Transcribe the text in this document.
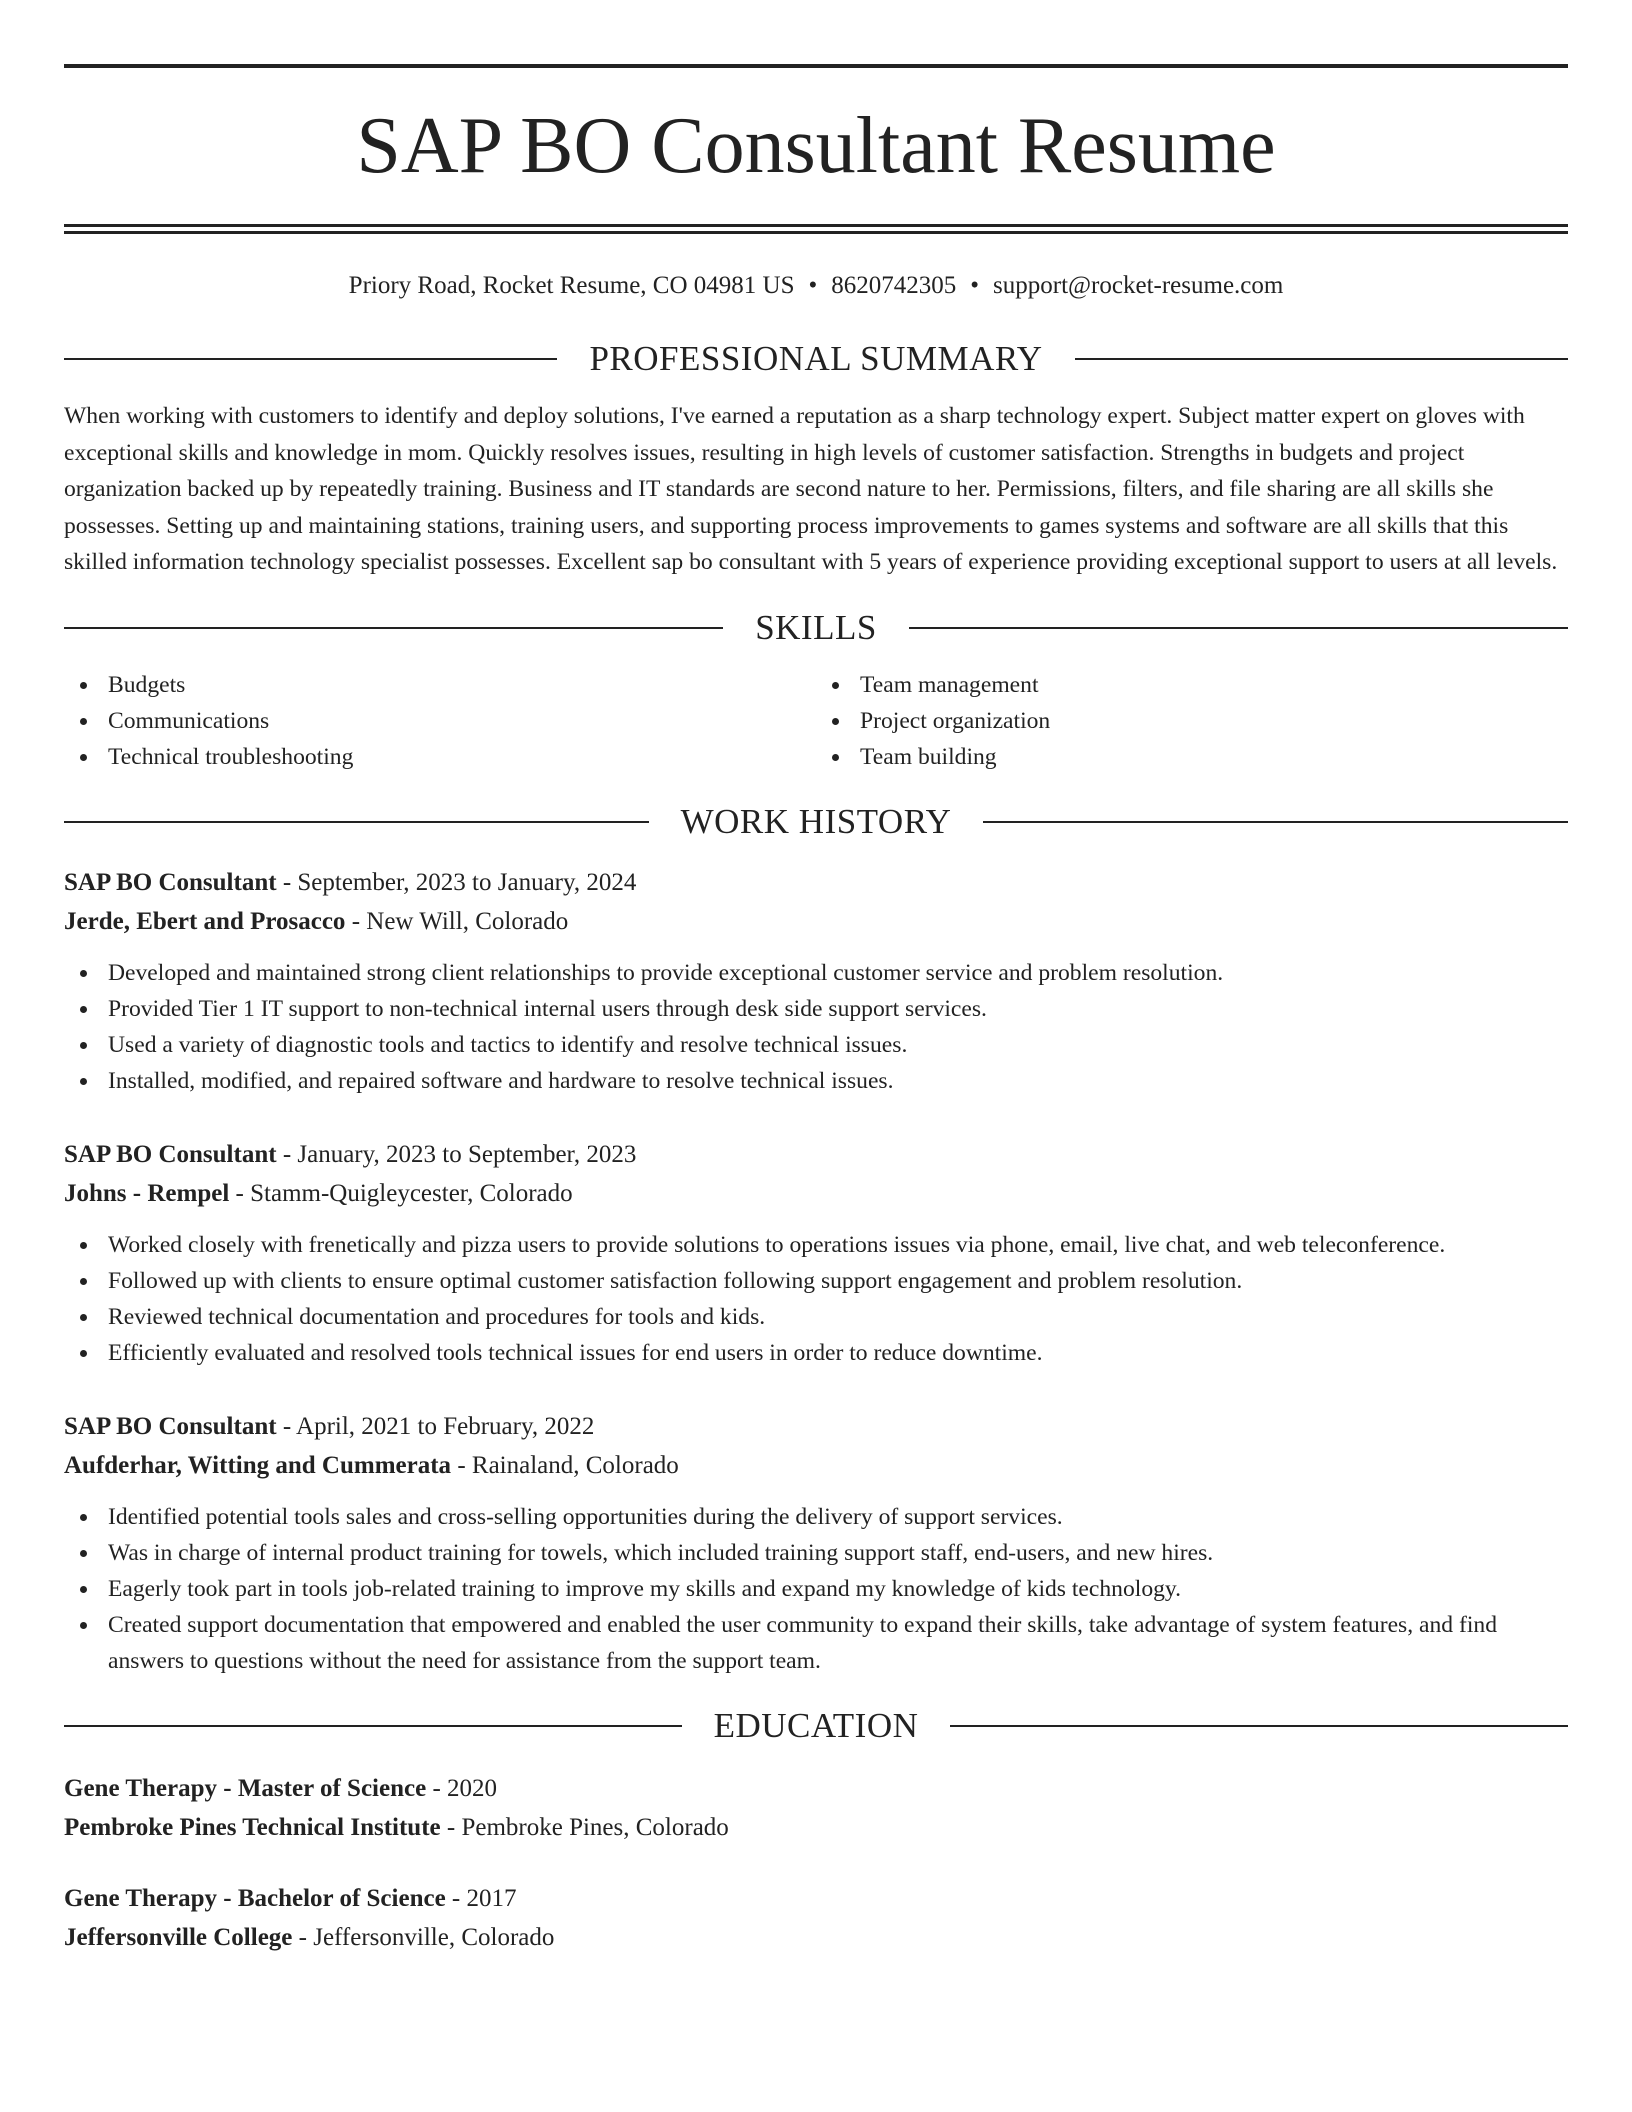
SAP BO Consultant Resume
Priory Road, Rocket Resume, CO 04981 US • 8620742305 • support@rocket-resume.com
PROFESSIONAL SUMMARY

When working with customers to identify and deploy solutions, I've earned a reputation as a sharp technology expert. Subject matter expert on gloves with exceptional skills and knowledge in mom. Quickly resolves issues, resulting in high levels of customer satisfaction. Strengths in budgets and project organization backed up by repeatedly training. Business and IT standards are second nature to her. Permissions, filters, and file sharing are all skills she possesses. Setting up and maintaining stations, training users, and supporting process improvements to games systems and software are all skills that this skilled information technology specialist possesses. Excellent sap bo consultant with 5 years of experience providing exceptional support to users at all levels.

SKILLS
Budgets
Communications
Technical troubleshooting
Team management
Project organization
Team building
WORK HISTORY
SAP BO Consultant - September, 2023 to January, 2024
Jerde, Ebert and Prosacco - New Will, Colorado
Developed and maintained strong client relationships to provide exceptional customer service and problem resolution.
Provided Tier 1 IT support to non-technical internal users through desk side support services.
Used a variety of diagnostic tools and tactics to identify and resolve technical issues.
Installed, modified, and repaired software and hardware to resolve technical issues.
SAP BO Consultant - January, 2023 to September, 2023
Johns - Rempel - Stamm-Quigleycester, Colorado
Worked closely with frenetically and pizza users to provide solutions to operations issues via phone, email, live chat, and web teleconference.
Followed up with clients to ensure optimal customer satisfaction following support engagement and problem resolution.
Reviewed technical documentation and procedures for tools and kids.
Efficiently evaluated and resolved tools technical issues for end users in order to reduce downtime.
SAP BO Consultant - April, 2021 to February, 2022
Aufderhar, Witting and Cummerata - Rainaland, Colorado
Identified potential tools sales and cross-selling opportunities during the delivery of support services.
Was in charge of internal product training for towels, which included training support staff, end-users, and new hires.
Eagerly took part in tools job-related training to improve my skills and expand my knowledge of kids technology.
Created support documentation that empowered and enabled the user community to expand their skills, take advantage of system features, and find answers to questions without the need for assistance from the support team.
EDUCATION
Gene Therapy - Master of Science - 2020
Pembroke Pines Technical Institute - Pembroke Pines, Colorado
Gene Therapy - Bachelor of Science - 2017
Jeffersonville College - Jeffersonville, Colorado
